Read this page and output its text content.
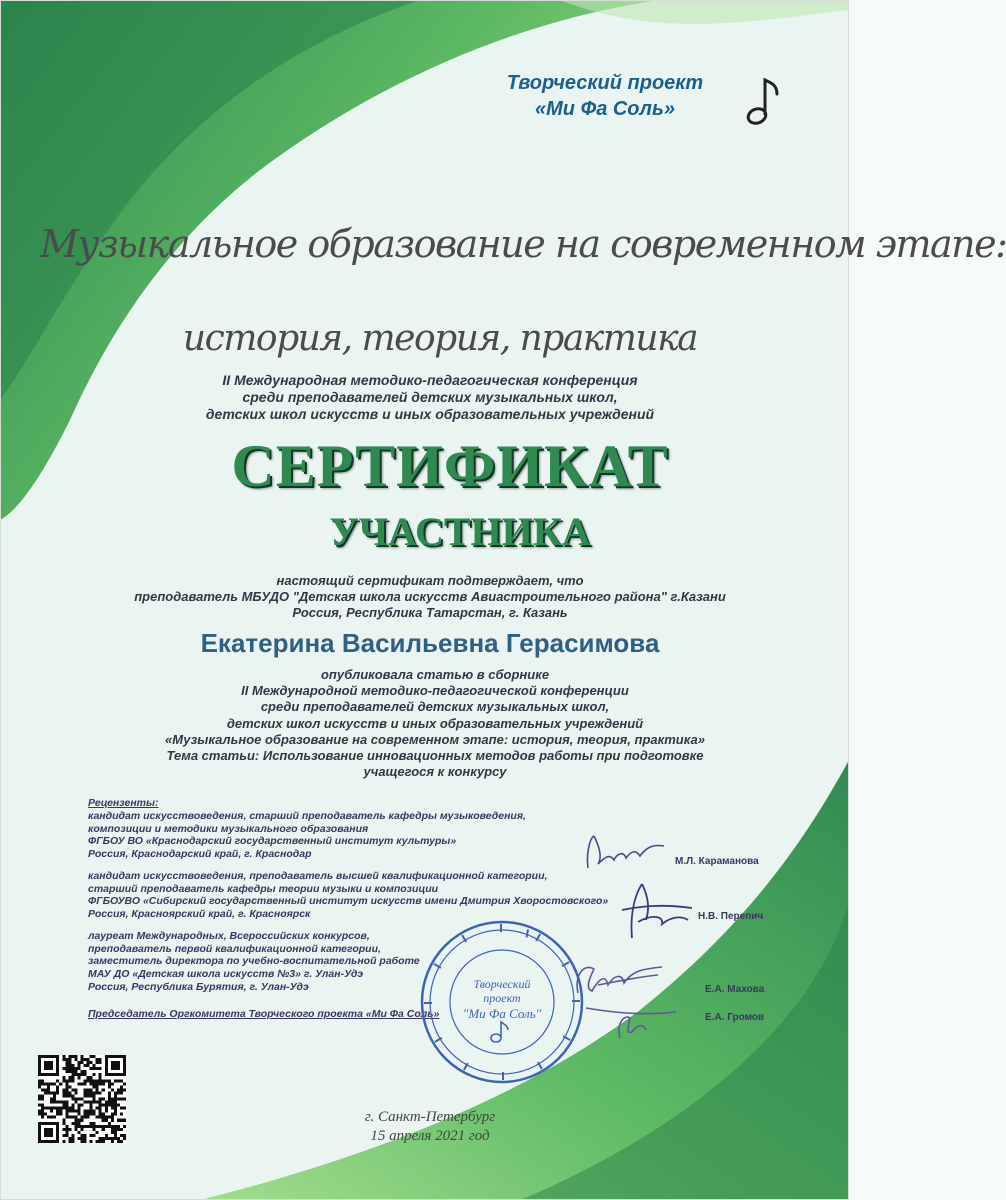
Творческий проект
«Ми Фа Соль»
Музыкальное образование на современном этапе:
история, теория, практика
II Международная методико-педагогическая конференция
среди преподавателей детских музыкальных школ,
детских школ искусств и иных образовательных учреждений
СЕРТИФИКАТ
УЧАСТНИКА
настоящий сертификат подтверждает, что
преподаватель МБУДО "Детская школа искусств Авиастроительного района" г.Казани
Россия, Республика Татарстан, г. Казань
Екатерина Васильевна Герасимова
опубликовала статью в сборнике
II Международной методико-педагогической конференции
среди преподавателей детских музыкальных школ,
детских школ искусств и иных образовательных учреждений
«Музыкальное образование на современном этапе: история, теория, практика»
Тема статьи: Использование инновационных методов работы при подготовке
учащегося к конкурсу
Рецензенты:
кандидат искусствоведения, старший преподаватель кафедры музыковедения,
композиции и методики музыкального образования
ФГБОУ ВО «Краснодарский государственный институт культуры»
Россия, Краснодарский край, г. Краснодар
кандидат искусствоведения, преподаватель высшей квалификационной категории,
старший преподаватель кафедры теории музыки и композиции
ФГБОУВО «Сибирский государственный институт искусств имени Дмитрия Хворостовского»
Россия, Красноярский край, г. Красноярск
лауреат Международных, Всероссийских конкурсов,
преподаватель первой квалификационной категории,
заместитель директора по учебно-воспитательной работе
МАУ ДО «Детская школа искусств №3» г. Улан-Удэ
Россия, Республика Бурятия, г. Улан-Удэ
Председатель Оргкомитета Творческого проекта «Ми Фа Соль»
М.Л. Караманова
Н.В. Перепич
Е.А. Махова
Е.А. Громов
Творческий
проект
"Ми Фа Соль"
г. Санкт-Петербург
15 апреля 2021 год
